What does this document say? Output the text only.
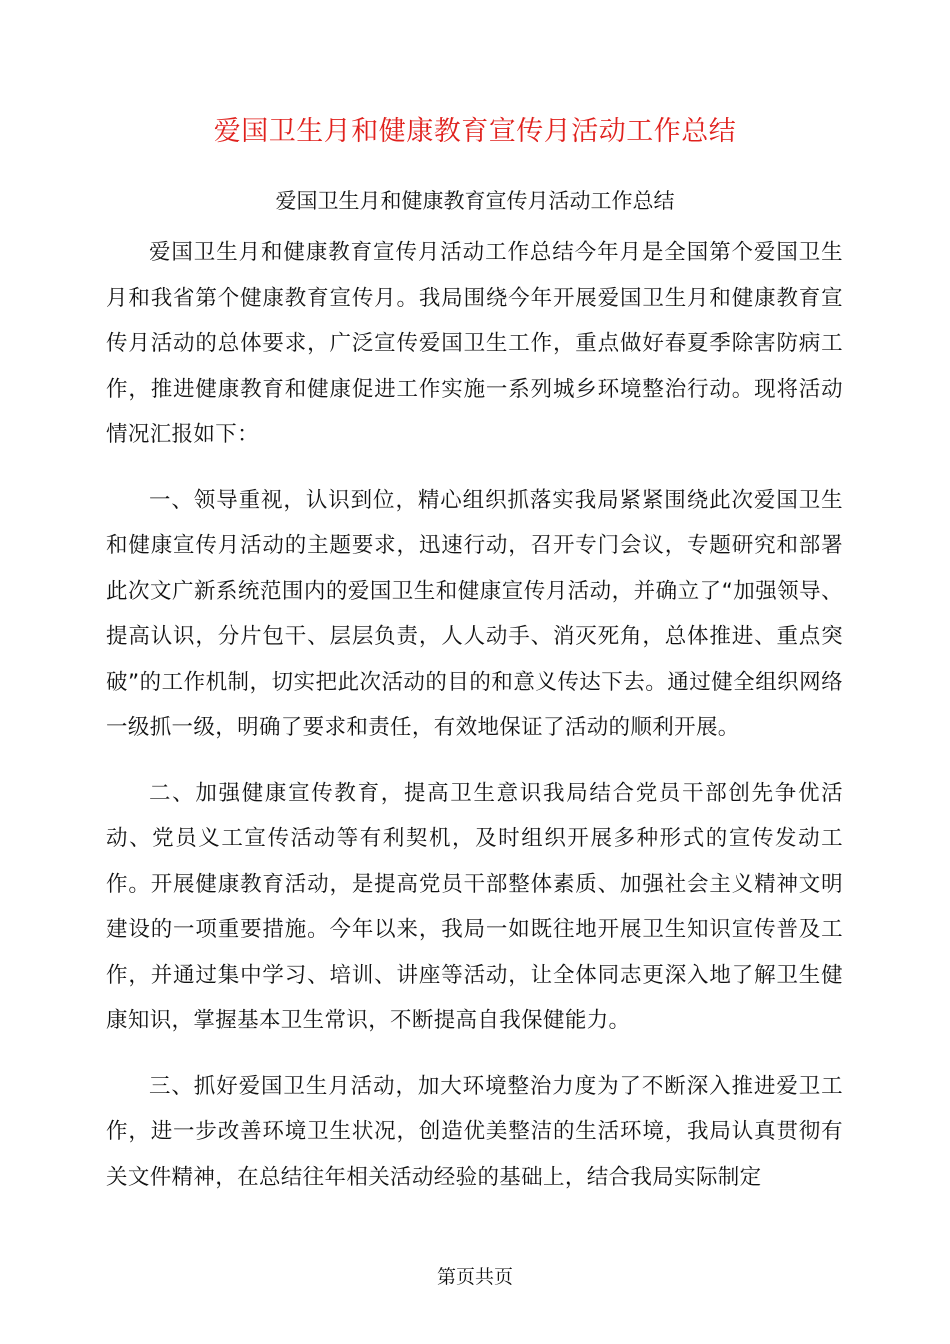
爱国卫生月和健康教育宣传月活动工作总结
爱国卫生月和健康教育宣传月活动工作总结

爱国卫生月和健康教育宣传月活动工作总结今年月是全国第个爱国卫生月和我省第个健康教育宣传月。我局围绕今年开展爱国卫生月和健康教育宣传月活动的总体要求，广泛宣传爱国卫生工作，重点做好春夏季除害防病工作，推进健康教育和健康促进工作实施一系列城乡环境整治行动。现将活动情况汇报如下：

一、领导重视，认识到位，精心组织抓落实我局紧紧围绕此次爱国卫生和健康宣传月活动的主题要求，迅速行动，召开专门会议，专题研究和部署此次文广新系统范围内的爱国卫生和健康宣传月活动，并确立了“加强领导、提高认识，分片包干、层层负责，人人动手、消灭死角，总体推进、重点突破”的工作机制，切实把此次活动的目的和意义传达下去。通过健全组织网络一级抓一级，明确了要求和责任，有效地保证了活动的顺利开展。

二、加强健康宣传教育，提高卫生意识我局结合党员干部创先争优活动、党员义工宣传活动等有利契机，及时组织开展多种形式的宣传发动工作。开展健康教育活动，是提高党员干部整体素质、加强社会主义精神文明建设的一项重要措施。今年以来，我局一如既往地开展卫生知识宣传普及工作，并通过集中学习、培训、讲座等活动，让全体同志更深入地了解卫生健康知识，掌握基本卫生常识，不断提高自我保健能力。

三、抓好爱国卫生月活动，加大环境整治力度为了不断深入推进爱卫工作，进一步改善环境卫生状况，创造优美整洁的生活环境，我局认真贯彻有关文件精神，在总结往年相关活动经验的基础上，结合我局实际制定

第页共页
